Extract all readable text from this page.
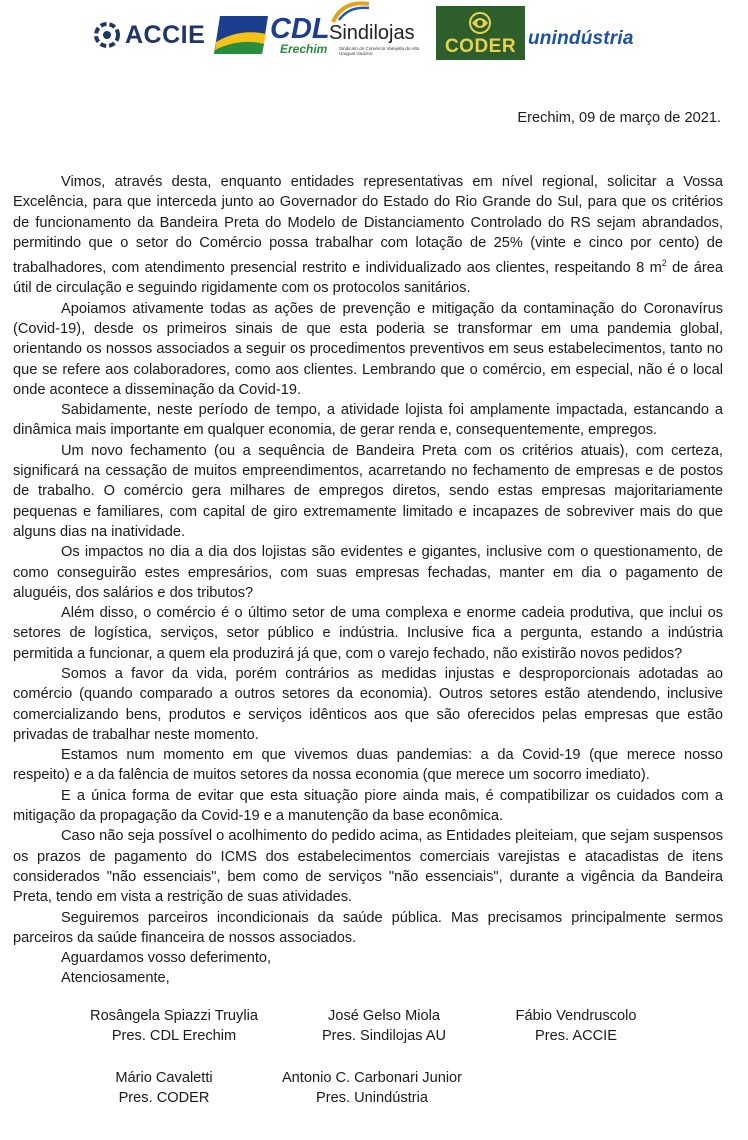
ACCIE CDL
Erechim
Sindilojas
Sindicato do Comércio Varejista do Alto Uruguai Gaúcho	CODER unindústria
Erechim, 09 de março de 2021.

Vimos, através desta, enquanto entidades representativas em nível regional, solicitar a Vossa Excelência, para que interceda junto ao Governador do Estado do Rio Grande do Sul, para que os critérios de funcionamento da Bandeira Preta do Modelo de Distanciamento Controlado do RS sejam abrandados, permitindo que o setor do Comércio possa trabalhar com lotação de 25% (vinte e cinco por cento) de trabalhadores, com atendimento presencial restrito e individualizado aos clientes, respeitando 8 $m^2$ de área útil de circulação e seguindo rigidamente com os protocolos sanitários.

Apoiamos ativamente todas as ações de prevenção e mitigação da contaminação do Coronavírus (Covid-19), desde os primeiros sinais de que esta poderia se transformar em uma pandemia global, orientando os nossos associados a seguir os procedimentos preventivos em seus estabelecimentos, tanto no que se refere aos colaboradores, como aos clientes. Lembrando que o comércio, em especial, não é o local onde acontece a disseminação da Covid-19.

Sabidamente, neste período de tempo, a atividade lojista foi amplamente impactada, estancando a dinâmica mais importante em qualquer economia, de gerar renda e, consequentemente, empregos.

Um novo fechamento (ou a sequência de Bandeira Preta com os critérios atuais), com certeza, significará na cessação de muitos empreendimentos, acarretando no fechamento de empresas e de postos de trabalho. O comércio gera milhares de empregos diretos, sendo estas empresas majoritariamente pequenas e familiares, com capital de giro extremamente limitado e incapazes de sobreviver mais do que alguns dias na inatividade.

Os impactos no dia a dia dos lojistas são evidentes e gigantes, inclusive com o questionamento, de como conseguirão estes empresários, com suas empresas fechadas, manter em dia o pagamento de aluguéis, dos salários e dos tributos?

Além disso, o comércio é o último setor de uma complexa e enorme cadeia produtiva, que inclui os setores de logística, serviços, setor público e indústria. Inclusive fica a pergunta, estando a indústria permitida a funcionar, a quem ela produzirá já que, com o varejo fechado, não existirão novos pedidos?

Somos a favor da vida, porém contrários as medidas injustas e desproporcionais adotadas ao comércio (quando comparado a outros setores da economia). Outros setores estão atendendo, inclusive comercializando bens, produtos e serviços idênticos aos que são oferecidos pelas empresas que estão privadas de trabalhar neste momento.

Estamos num momento em que vivemos duas pandemias: a da Covid-19 (que merece nosso respeito) e a da falência de muitos setores da nossa economia (que merece um socorro imediato).

E a única forma de evitar que esta situação piore ainda mais, é compatibilizar os cuidados com a mitigação da propagação da Covid-19 e a manutenção da base econômica.

Caso não seja possível o acolhimento do pedido acima, as Entidades pleiteiam, que sejam suspensos os prazos de pagamento do ICMS dos estabelecimentos comerciais varejistas e atacadistas de itens considerados "não essenciais", bem como de serviços "não essenciais", durante a vigência da Bandeira Preta, tendo em vista a restrição de suas atividades.

Seguiremos parceiros incondicionais da saúde pública. Mas precisamos principalmente sermos parceiros da saúde financeira de nossos associados.

Aguardamos vosso deferimento,

Atenciosamente,

Rosângela Spiazzi Truylia
Pres. CDL Erechim
José Gelso Miola
Pres. Sindilojas AU
Fábio Vendruscolo
Pres. ACCIE
Mário Cavaletti
Pres. CODER
Antonio C. Carbonari Junior
Pres. Unindústria
